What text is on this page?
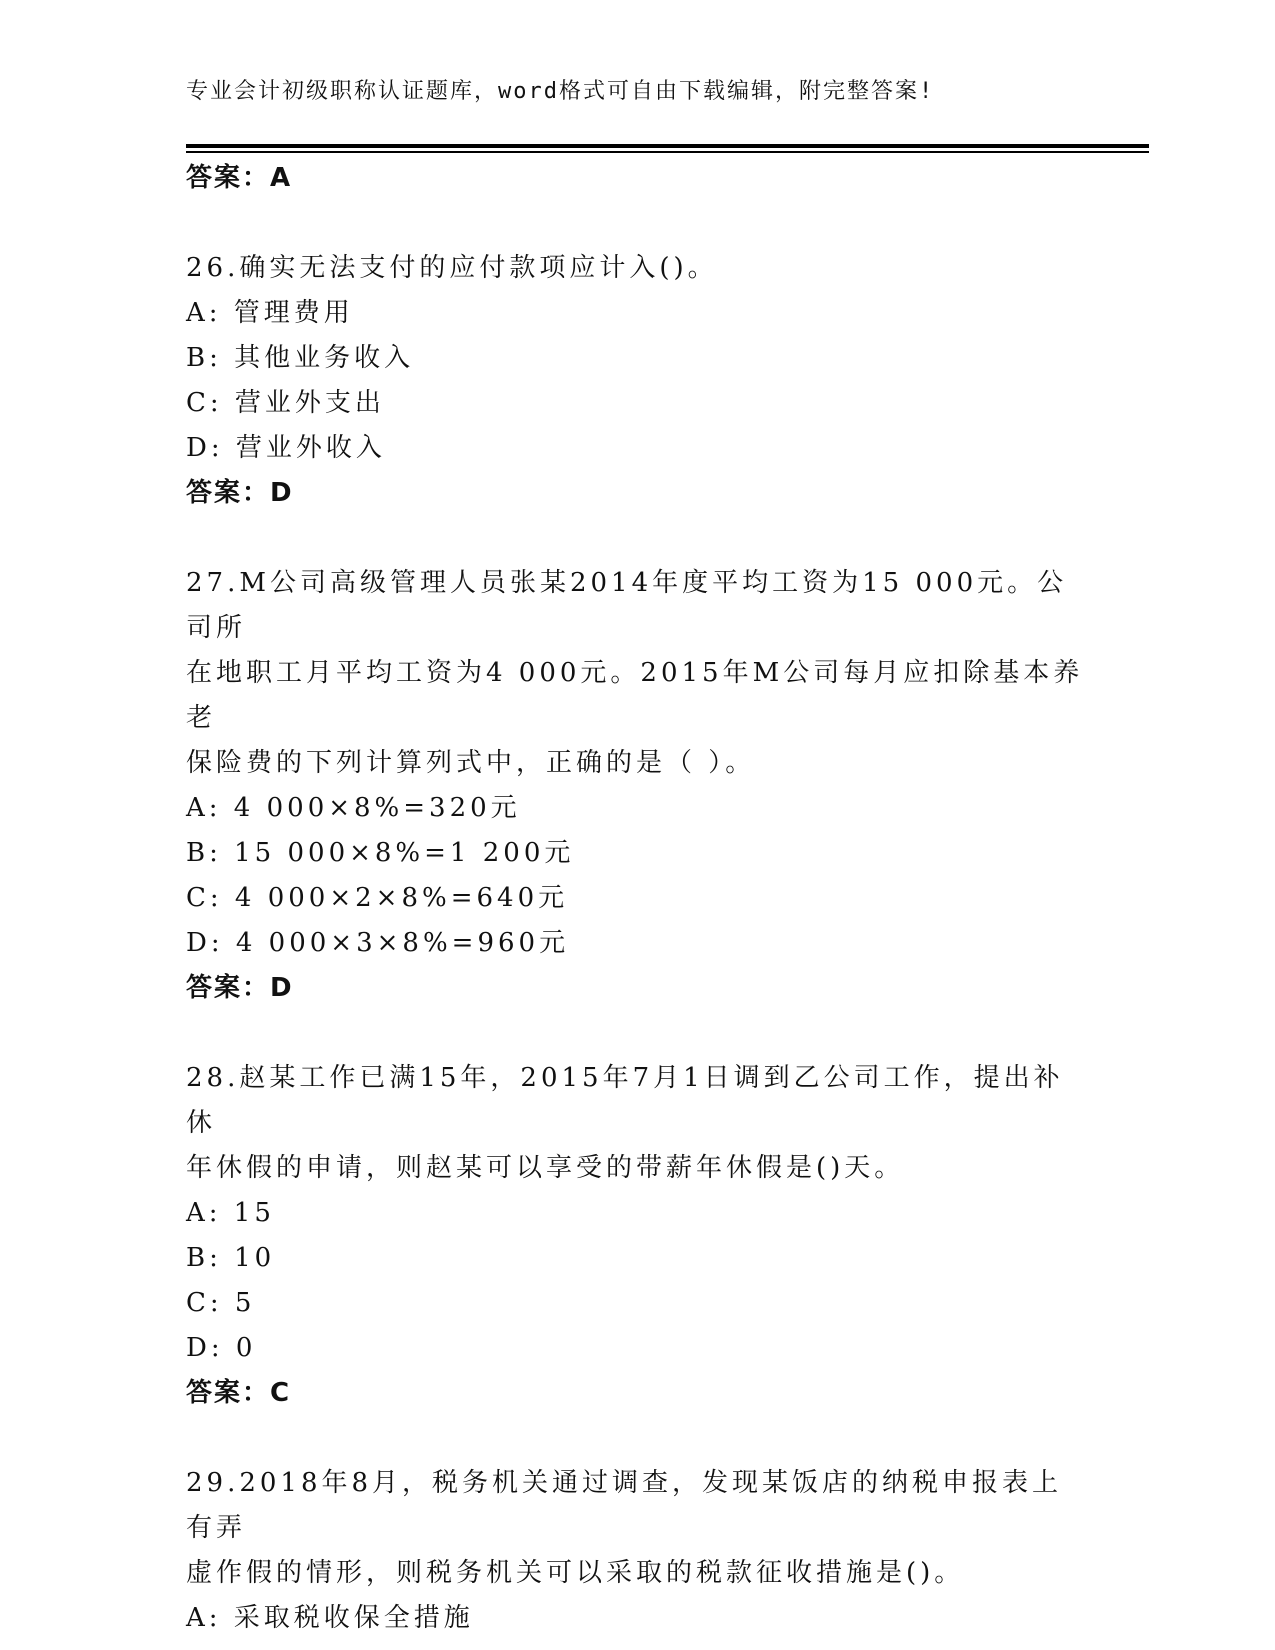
专业会计初级职称认证题库，word格式可自由下载编辑，附完整答案!
答案：A
26.确实无法支付的应付款项应计入()。
A: 管理费用
B: 其他业务收入
C: 营业外支出
D: 营业外收入
答案：D
27.M公司高级管理人员张某2014年度平均工资为15 000元。公司所
在地职工月平均工资为4 000元。2015年M公司每月应扣除基本养老
保险费的下列计算列式中，正确的是（ ）。
A: 4 000×8%=320元
B: 15 000×8%=1 200元
C: 4 000×2×8%=640元
D: 4 000×3×8%=960元
答案：D
28.赵某工作已满15年，2015年7月1日调到乙公司工作，提出补休
年休假的申请，则赵某可以享受的带薪年休假是()天。
A: 15
B: 10
C: 5
D: 0
答案：C
29.2018年8月，税务机关通过调查，发现某饭店的纳税申报表上有弄
虚作假的情形，则税务机关可以采取的税款征收措施是()。
A: 采取税收保全措施
